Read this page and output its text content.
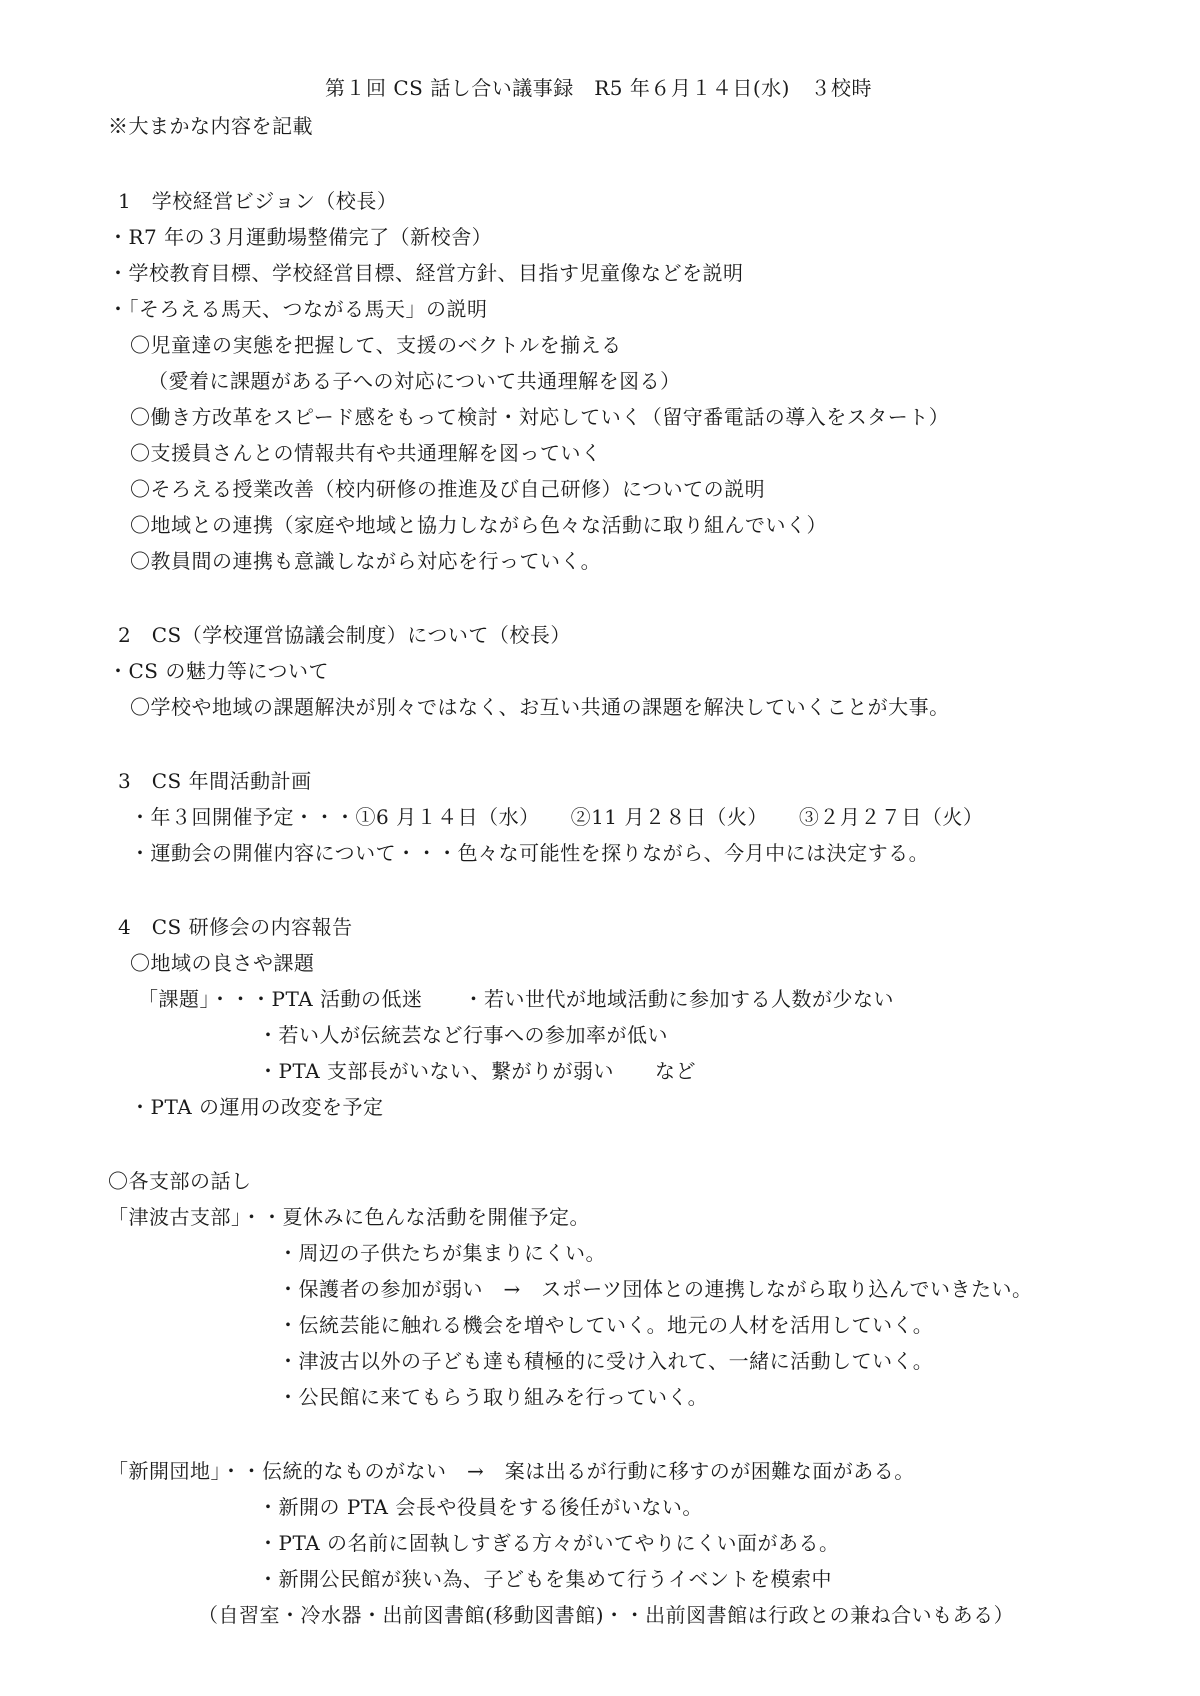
第１回 CS 話し合い議事録　R5 年６月１４日(水)　３校時
※大まかな内容を記載
1　学校経営ビジョン（校長）
・R7 年の３月運動場整備完了（新校舎）
・学校教育目標、学校経営目標、経営方針、目指す児童像などを説明
・「そろえる馬天、つながる馬天」の説明
〇児童達の実態を把握して、支援のベクトルを揃える
（愛着に課題がある子への対応について共通理解を図る）
〇働き方改革をスピード感をもって検討・対応していく（留守番電話の導入をスタート）
〇支援員さんとの情報共有や共通理解を図っていく
〇そろえる授業改善（校内研修の推進及び自己研修）についての説明
〇地域との連携（家庭や地域と協力しながら色々な活動に取り組んでいく）
〇教員間の連携も意識しながら対応を行っていく。
2　CS（学校運営協議会制度）について（校長）
・CS の魅力等について
〇学校や地域の課題解決が別々ではなく、お互い共通の課題を解決していくことが大事。
3　CS 年間活動計画
・年３回開催予定・・・①6 月１４日（水）　　②11 月２８日（火）　　③２月２７日（火）
・運動会の開催内容について・・・色々な可能性を探りながら、今月中には決定する。
4　CS 研修会の内容報告
〇地域の良さや課題
「課題」・・・PTA 活動の低迷　　・若い世代が地域活動に参加する人数が少ない
・若い人が伝統芸など行事への参加率が低い
・PTA 支部長がいない、繋がりが弱い　　など
・PTA の運用の改変を予定
〇各支部の話し
「津波古支部」・・夏休みに色んな活動を開催予定。
・周辺の子供たちが集まりにくい。
・保護者の参加が弱い　→　スポーツ団体との連携しながら取り込んでいきたい。
・伝統芸能に触れる機会を増やしていく。地元の人材を活用していく。
・津波古以外の子ども達も積極的に受け入れて、一緒に活動していく。
・公民館に来てもらう取り組みを行っていく。
「新開団地」・・伝統的なものがない　→　案は出るが行動に移すのが困難な面がある。
・新開の PTA 会長や役員をする後任がいない。
・PTA の名前に固執しすぎる方々がいてやりにくい面がある。
・新開公民館が狭い為、子どもを集めて行うイベントを模索中
（自習室・冷水器・出前図書館(移動図書館)・・出前図書館は行政との兼ね合いもある）
